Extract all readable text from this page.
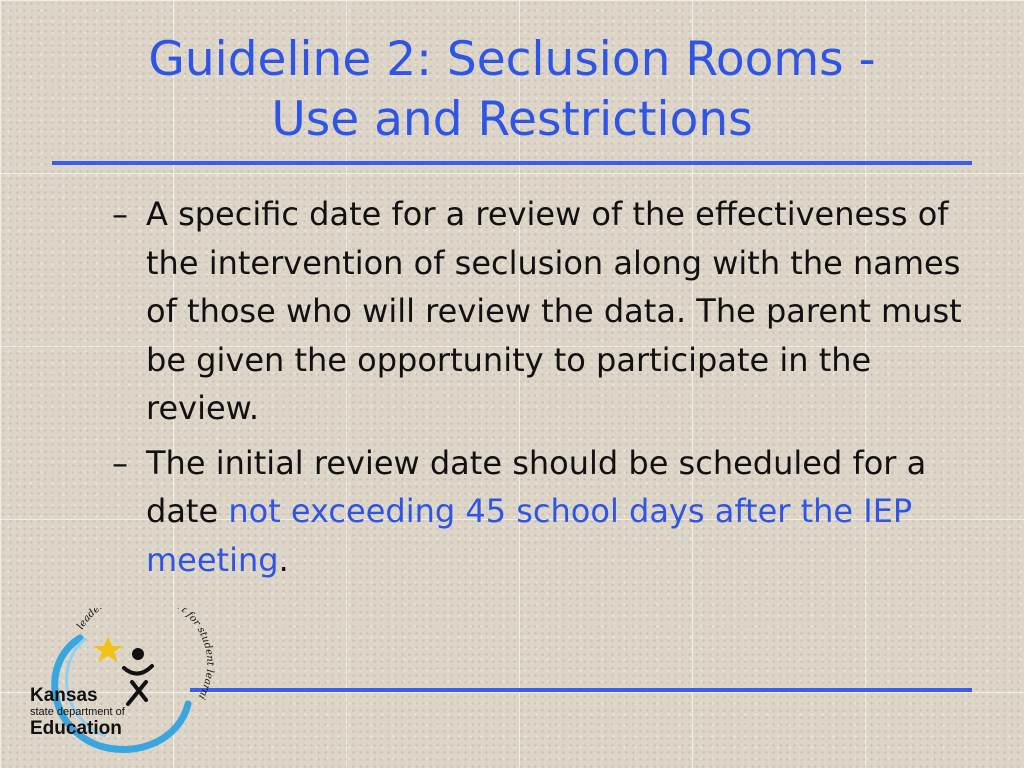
Guideline 2: Seclusion Rooms -
Use and Restrictions
– A specific date for a review of the effectiveness of the intervention of seclusion along with the names of those who will review the data. The parent must be given the opportunity to participate in the review.
– The initial review date should be scheduled for a date not exceeding 45 school days after the IEP meeting.
leade t for student learni
Kansas
state department of
Education
